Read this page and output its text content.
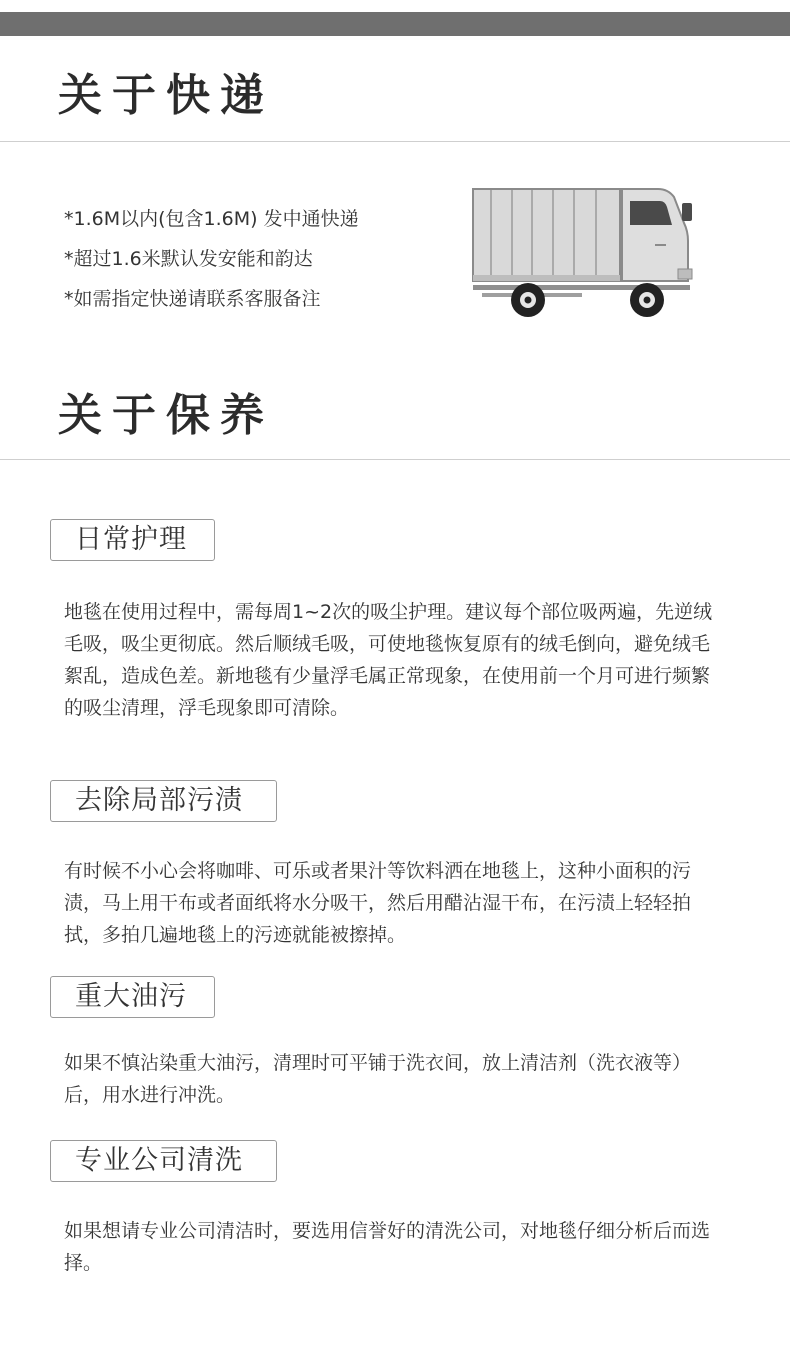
关于快递
*1.6M以内(包含1.6M) 发中通快递
*超过1.6米默认发安能和韵达
*如需指定快递请联系客服备注
关于保养
日常护理

地毯在使用过程中，需每周1~2次的吸尘护理。建议每个部位吸两遍，先逆绒毛吸，吸尘更彻底。然后顺绒毛吸，可使地毯恢复原有的绒毛倒向，避免绒毛絮乱，造成色差。新地毯有少量浮毛属正常现象，在使用前一个月可进行频繁的吸尘清理，浮毛现象即可清除。

去除局部污渍

有时候不小心会将咖啡、可乐或者果汁等饮料洒在地毯上，这种小面积的污渍，马上用干布或者面纸将水分吸干，然后用醋沾湿干布，在污渍上轻轻拍拭，多拍几遍地毯上的污迹就能被擦掉。

重大油污

如果不慎沾染重大油污，清理时可平铺于洗衣间，放上清洁剂（洗衣液等）后，用水进行冲洗。

专业公司清洗

如果想请专业公司清洁时，要选用信誉好的清洗公司，对地毯仔细分析后而选择。
